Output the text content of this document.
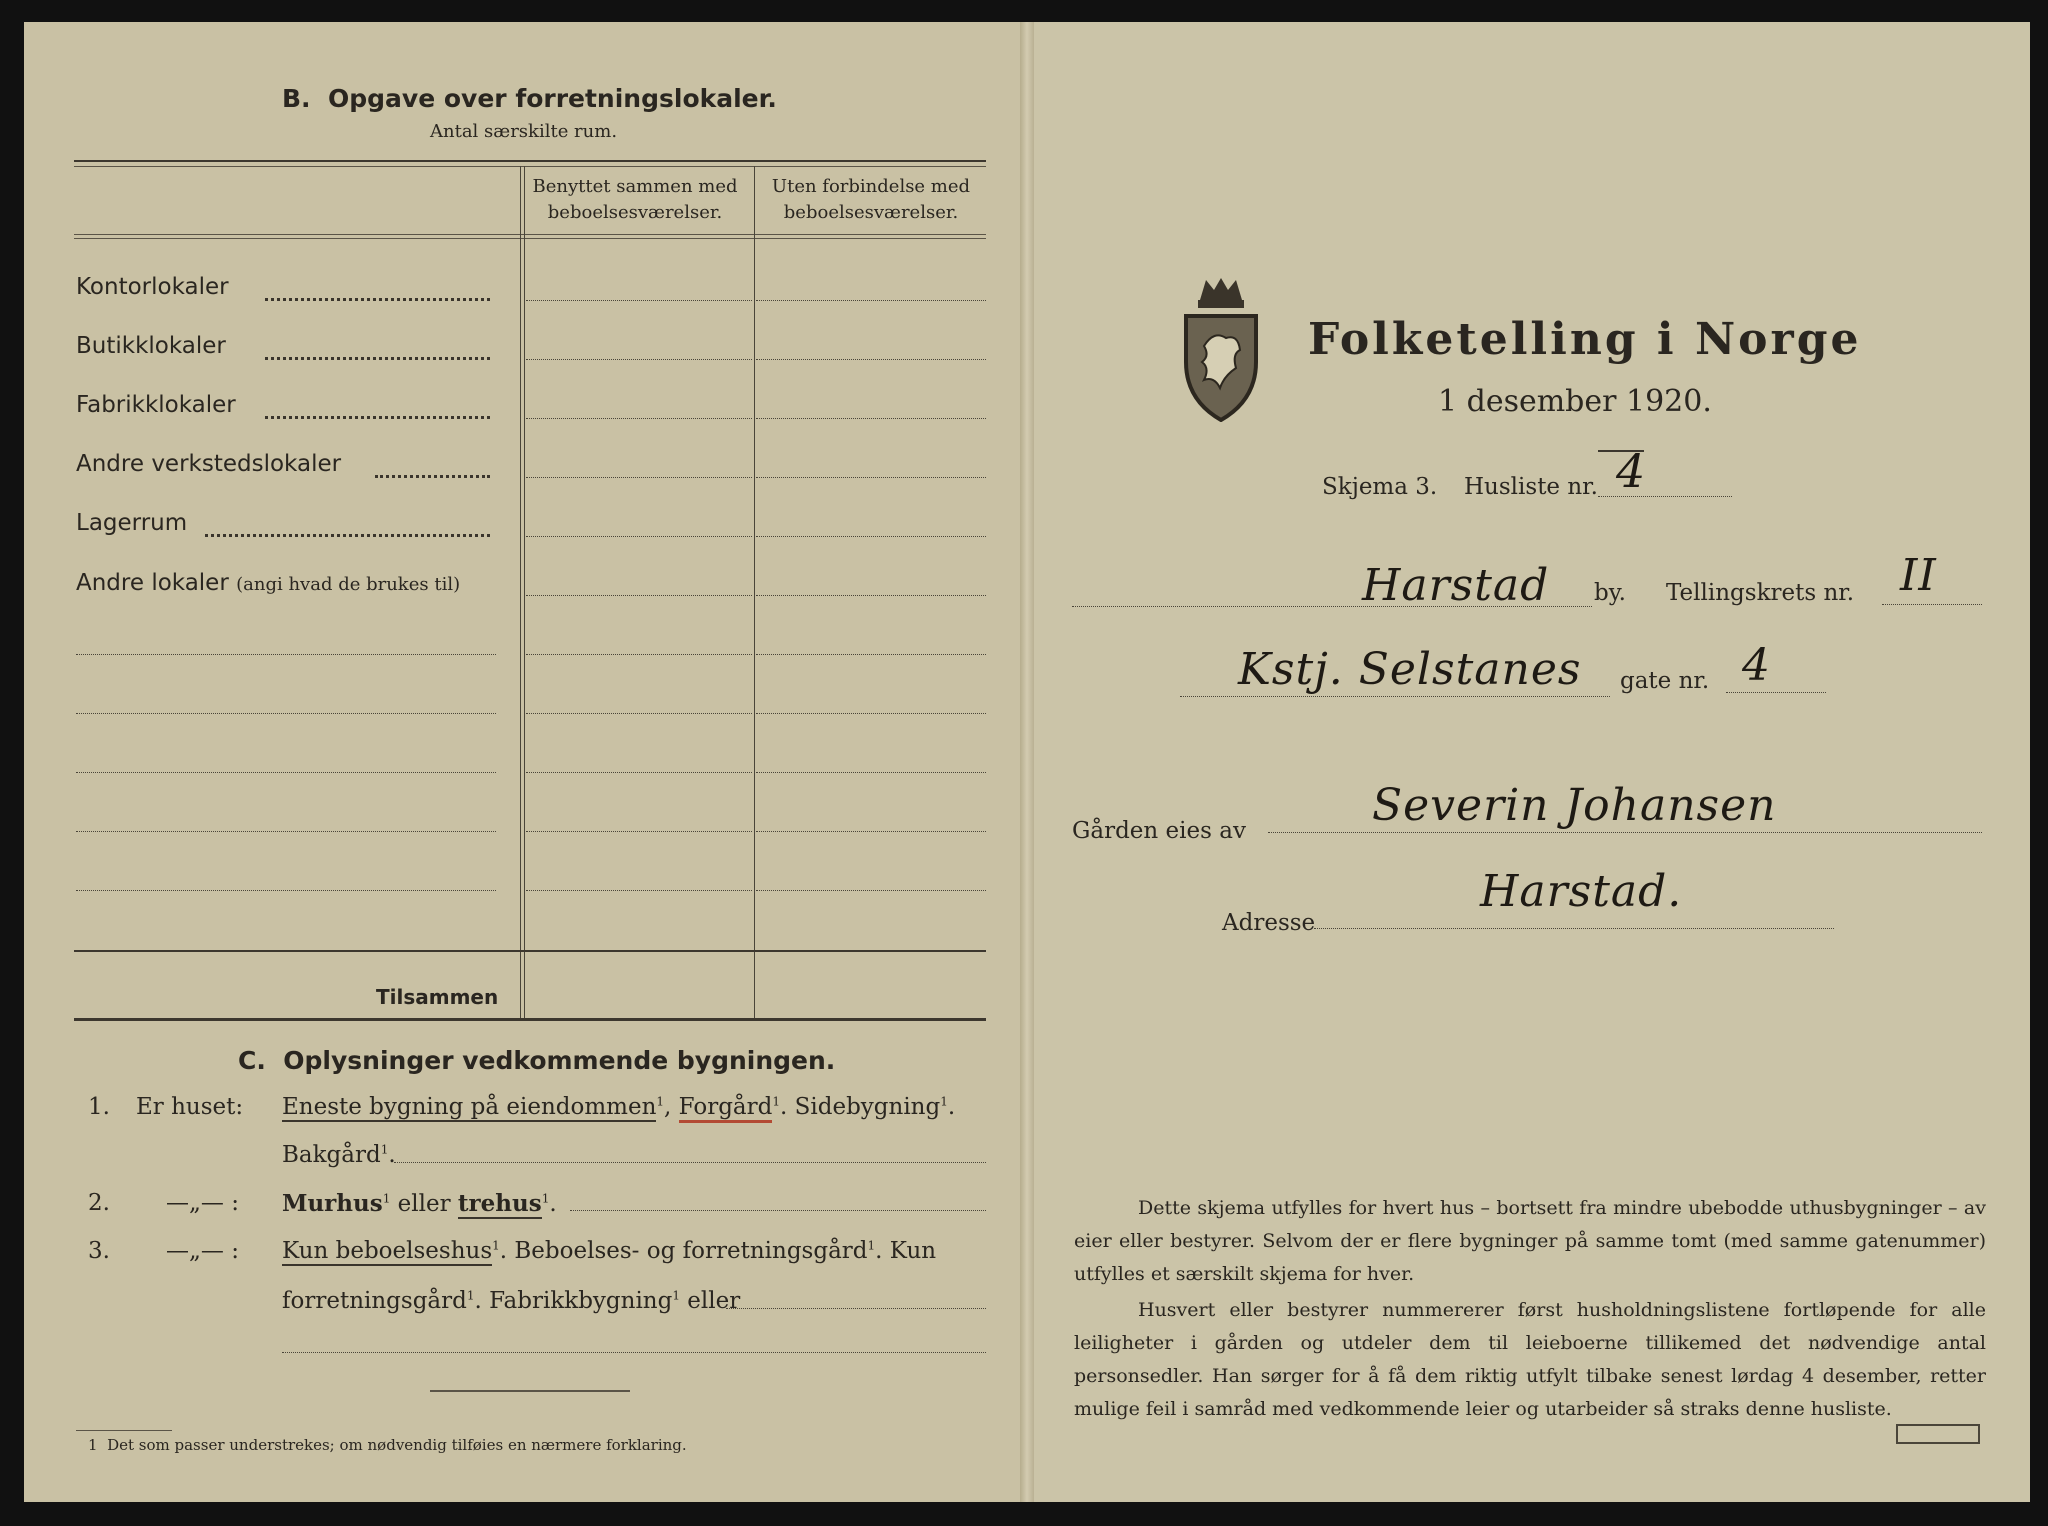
B. Opgave over forretningslokaler.
Antal særskilte rum.
Benyttet sammen med beboelsesværelser.
Uten forbindelse med beboelsesværelser.
Kontorlokaler
Butikklokaler
Fabrikklokaler
Andre verkstedslokaler
Lagerrum
Andre lokaler (angi hvad de brukes til)
Tilsammen
C. Oplysninger vedkommende bygningen.
1. Er huset: Eneste bygning på eiendommen$^1$, Forgård$^1$. Sidebygning$^1$.
Bakgård$^1$.
2. —„— : Murhus$^1$ eller trehus$^1$.
3. —„— : Kun beboelseshus$^1$. Beboelses- og forretningsgård$^1$. Kun
forretningsgård$^1$. Fabrikkbygning$^1$ eller
1 Det som passer understrekes; om nødvendig tilføies en nærmere forklaring.
Folketelling i Norge
1 desember 1920.
Skjema 3. Husliste nr. 4
Harstad by. Tellingskrets nr. II
Kstj. Selstanes gate nr. 4
Gården eies av	Severin Johansen
Adresse
Harstad.
Dette skjema utfylles for hvert hus – bortsett fra mindre ubebodde uthusbygninger – av eier eller bestyrer. Selvom der er flere bygninger på samme tomt (med samme gatenummer) utfylles et særskilt skjema for hver.
Husvert eller bestyrer nummererer først husholdningslistene fortløpende for alle leiligheter i gården og utdeler dem til leieboerne tillikemed det nødvendige antal personsedler. Han sørger for å få dem riktig utfylt tilbake senest lørdag 4 desember, retter mulige feil i samråd med vedkommende leier og utarbeider så straks denne husliste.
